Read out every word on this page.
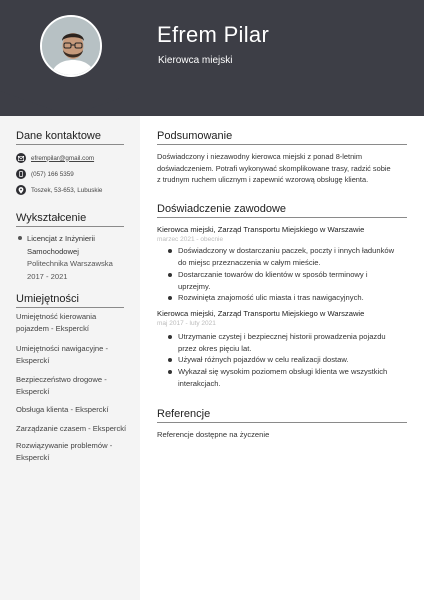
Efrem Pilar
Kierowca miejski
Dane kontaktowe
efrempilar@gmail.com
(057) 166 5359
Toszek, 53-653, Lubuskie
Wykształcenie
Licencjat z Inżynierii
Samochodowej
Politechnika Warszawska
2017 - 2021
Umiejętności
Umiejętność kierowania
pojazdem - Eksperckí
Umiejętności nawigacyjne -
Eksperckí
Bezpieczeństwo drogowe -
Eksperckí
Obsługa klienta - Eksperckí
Zarządzanie czasem - Eksperckí
Rozwiązywanie problemów -
Eksperckí
Podsumowanie
Doświadczony i niezawodny kierowca miejski z ponad 8-letnim
doświadczeniem. Potrafi wykonywać skomplikowane trasy, radzić sobie
z trudnym ruchem ulicznym i zapewnić wzorową obsługę klienta.
Doświadczenie zawodowe
Kierowca miejski, Zarząd Transportu Miejskiego w Warszawie
marzec 2021 - obecnie
Doświadczony w dostarczaniu paczek, poczty i innych ładunków
do miejsc przeznaczenia w całym mieście.
Dostarczanie towarów do klientów w sposób terminowy i
uprzejmy.
Rozwinięta znajomość ulic miasta i tras nawigacyjnych.
Kierowca miejski, Zarząd Transportu Miejskiego w Warszawie
maj 2017 - luty 2021
Utrzymanie czystej i bezpiecznej historii prowadzenia pojazdu
przez okres pięciu lat.
Używał różnych pojazdów w celu realizacji dostaw.
Wykazał się wysokim poziomem obsługi klienta we wszystkich
interakcjach.
Referencje
Referencje dostępne na życzenie
